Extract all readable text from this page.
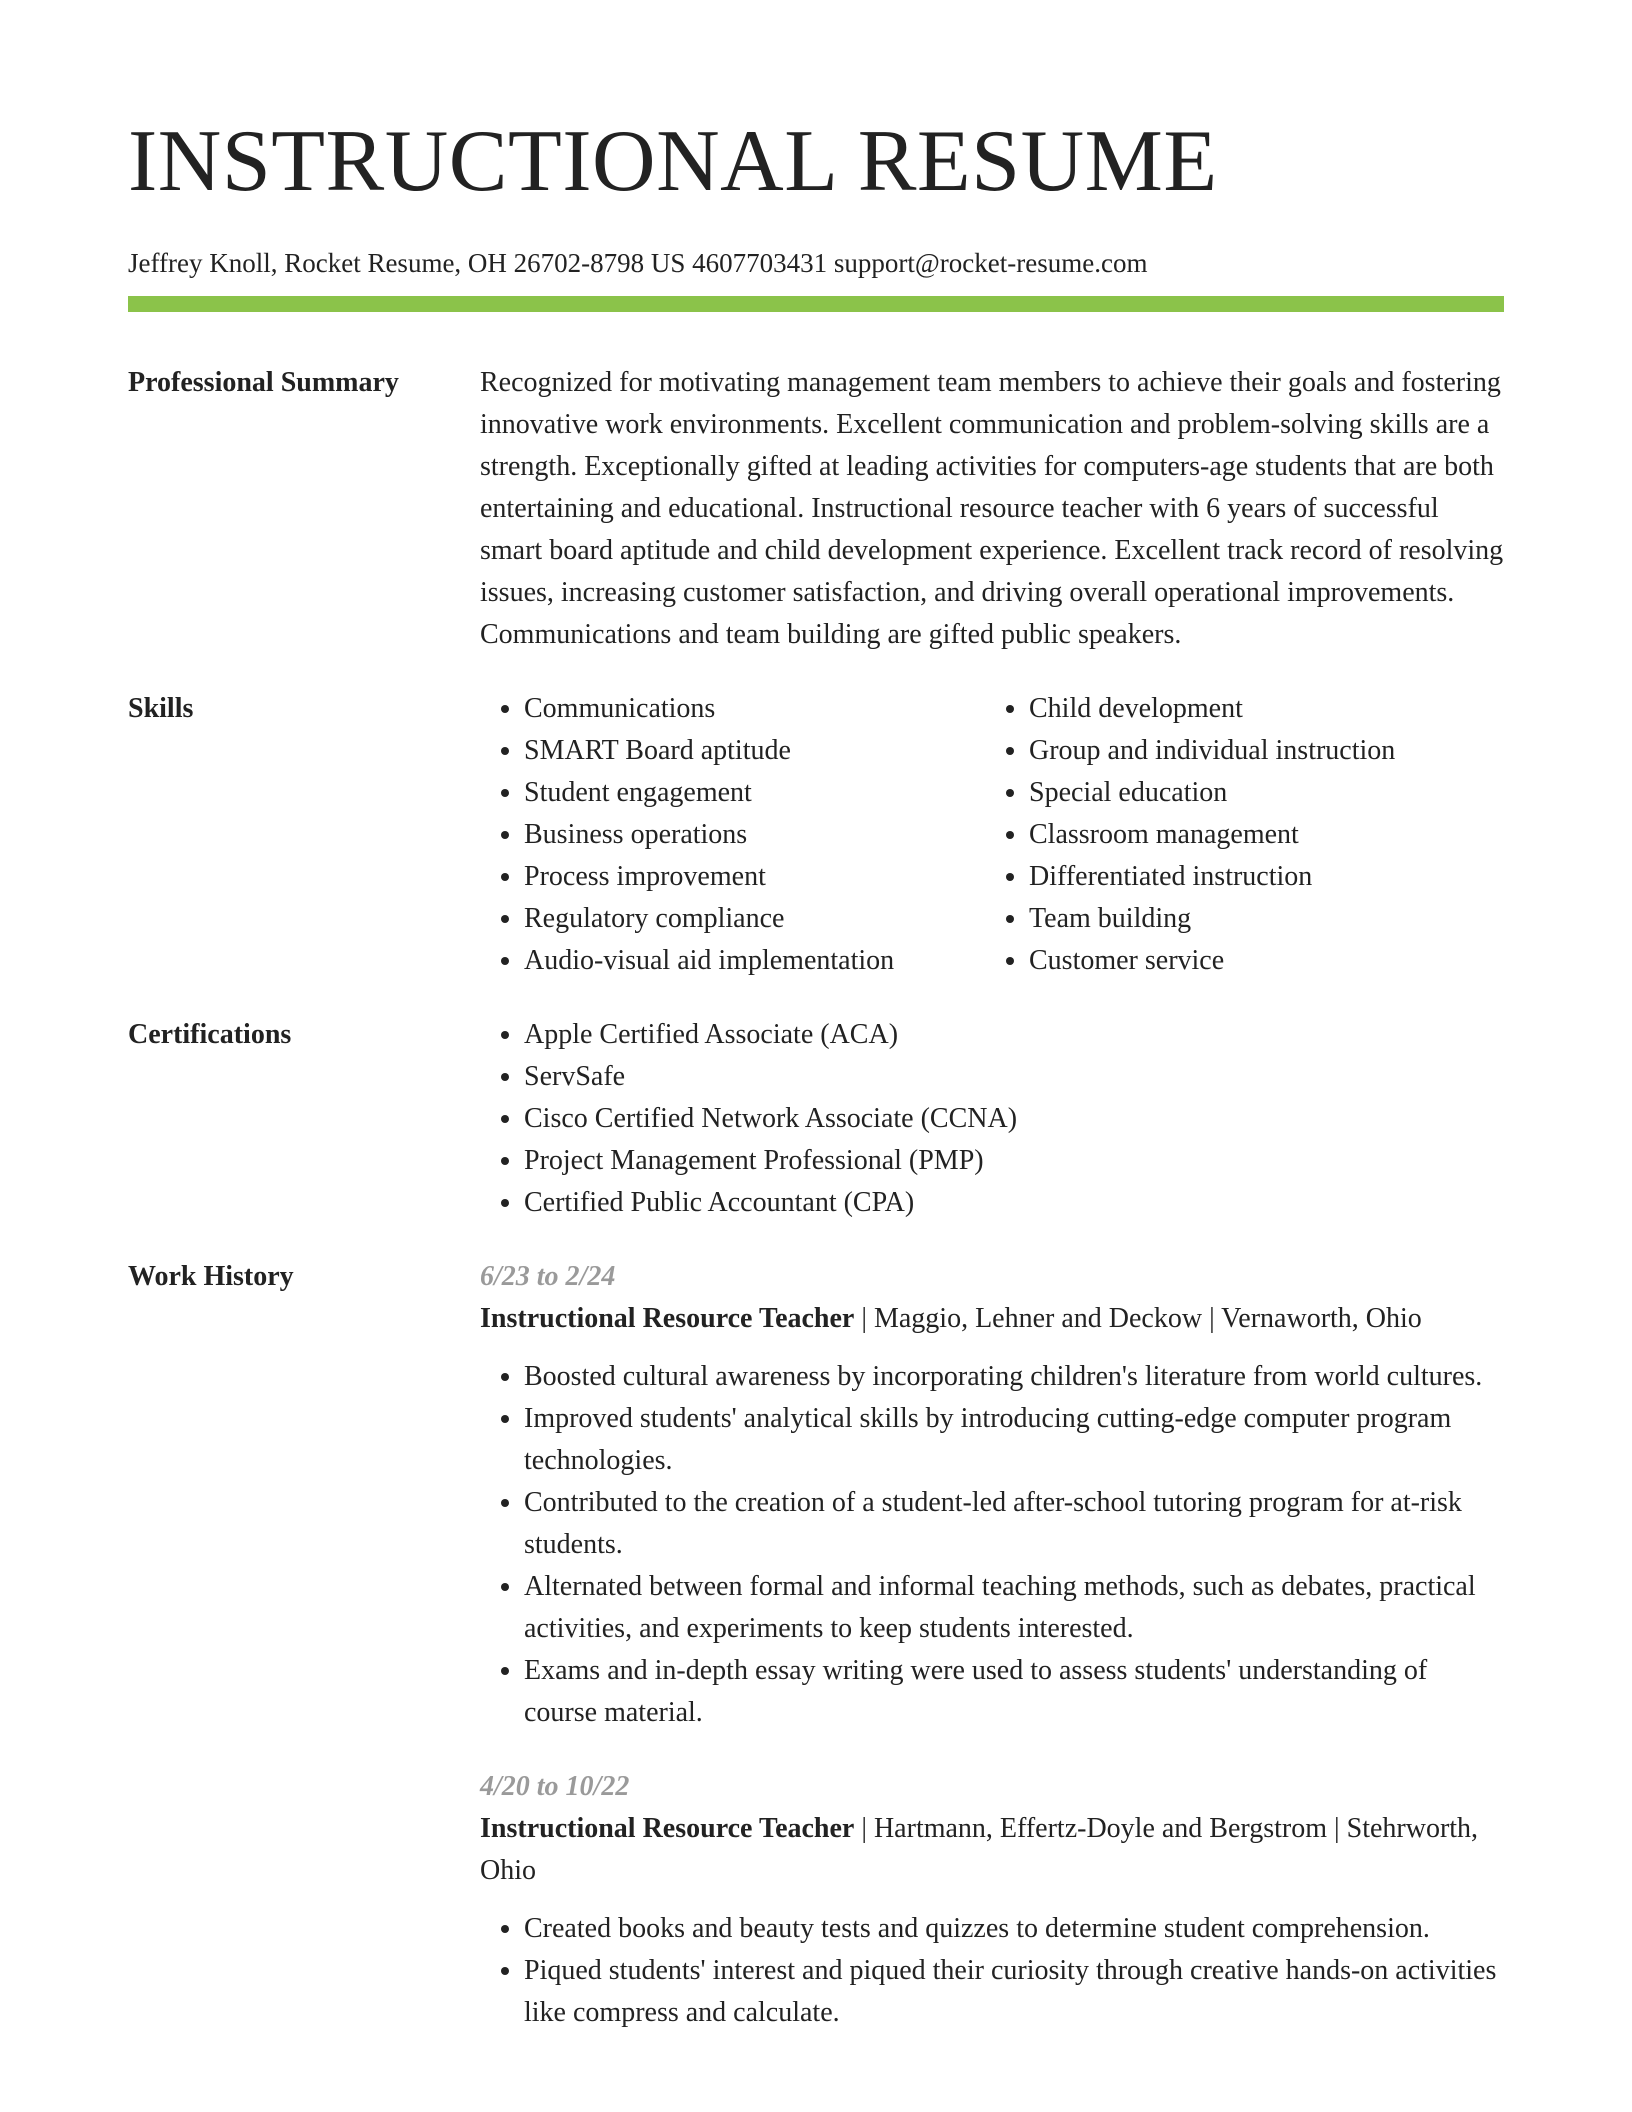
INSTRUCTIONAL RESUME
Jeffrey Knoll, Rocket Resume, OH 26702-8798 US 4607703431 support@rocket-resume.com
Professional Summary	Recognized for motivating management team members to achieve their goals and fostering innovative work environments. Excellent communication and problem-solving skills are a strength. Exceptionally gifted at leading activities for computers-age students that are both entertaining and educational. Instructional resource teacher with 6 years of successful smart board aptitude and child development experience. Excellent track record of resolving issues, increasing customer satisfaction, and driving overall operational improvements. Communications and team building are gifted public speakers.

Skills	• Communications
• SMART Board aptitude
• Student engagement
• Business operations
• Process improvement
• Regulatory compliance
• Audio-visual aid implementation
• Child development
• Group and individual instruction
• Special education
• Classroom management
• Differentiated instruction
• Team building
• Customer service
Certifications	• Apple Certified Associate (ACA)
• ServSafe
• Cisco Certified Network Associate (CCNA)
• Project Management Professional (PMP)
• Certified Public Accountant (CPA)
Work History	6/23 to 2/24

Instructional Resource Teacher | Maggio, Lehner and Deckow | Vernaworth, Ohio

• Boosted cultural awareness by incorporating children's literature from world cultures.
• Improved students' analytical skills by introducing cutting-edge computer program technologies.
• Contributed to the creation of a student-led after-school tutoring program for at-risk students.
• Alternated between formal and informal teaching methods, such as debates, practical activities, and experiments to keep students interested.
• Exams and in-depth essay writing were used to assess students' understanding of course material.
4/20 to 10/22

Instructional Resource Teacher | Hartmann, Effertz-Doyle and Bergstrom | Stehrworth, Ohio

• Created books and beauty tests and quizzes to determine student comprehension.
• Piqued students' interest and piqued their curiosity through creative hands-on activities like compress and calculate.
